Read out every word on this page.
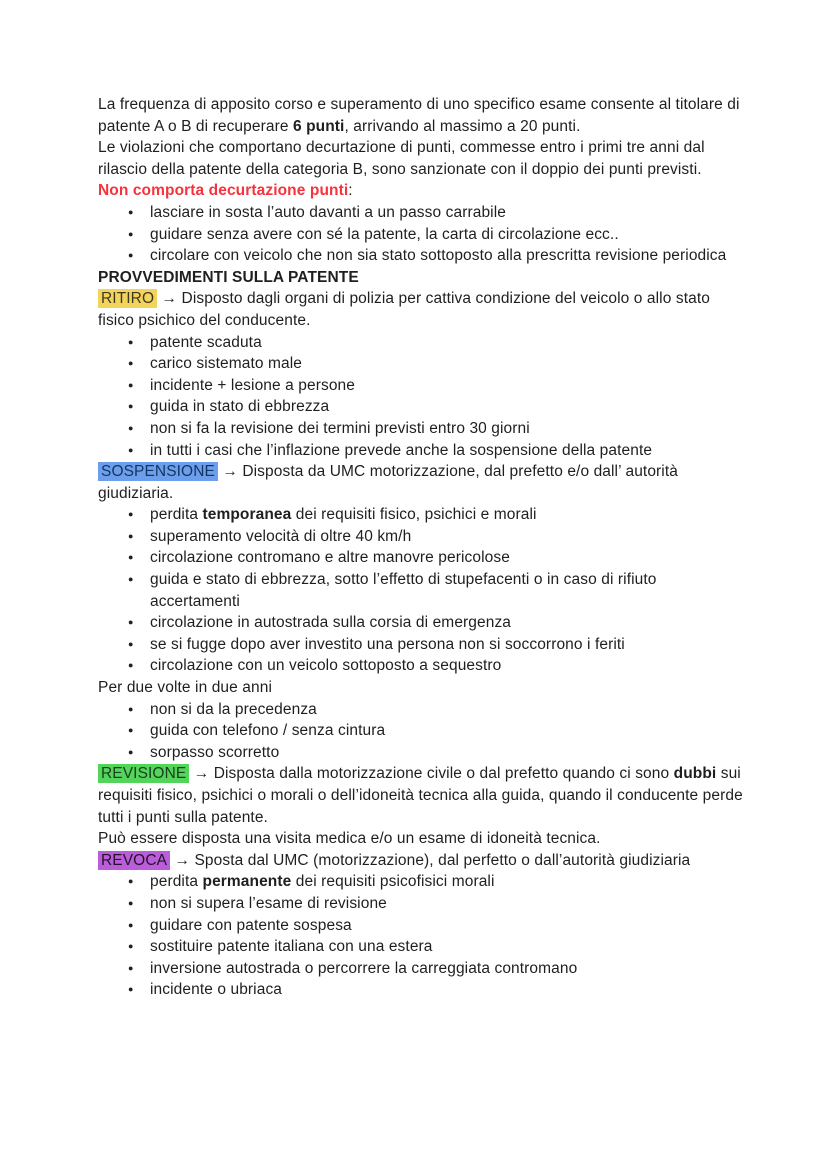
La frequenza di apposito corso e superamento di uno specifico esame consente al titolare di patente A o B di recuperare 6 punti, arrivando al massimo a 20 punti.

Le violazioni che comportano decurtazione di punti, commesse entro i primi tre anni dal rilascio della patente della categoria B, sono sanzionate con il doppio dei punti previsti.

Non comporta decurtazione punti:

● lasciare in sosta l’auto davanti a un passo carrabile
● guidare senza avere con sé la patente, la carta di circolazione ecc..
● circolare con veicolo che non sia stato sottoposto alla prescritta revisione periodica

PROVVEDIMENTI SULLA PATENTE

RITIRO → Disposto dagli organi di polizia per cattiva condizione del veicolo o allo stato fisico psichico del conducente.

● patente scaduta
● carico sistemato male
● incidente + lesione a persone
● guida in stato di ebbrezza
● non si fa la revisione dei termini previsti entro 30 giorni
● in tutti i casi che l’inflazione prevede anche la sospensione della patente

SOSPENSIONE → Disposta da UMC motorizzazione, dal prefetto e/o dall’ autorità giudiziaria.

● perdita temporanea dei requisiti fisico, psichici e morali
● superamento velocità di oltre 40 km/h
● circolazione contromano e altre manovre pericolose
● guida e stato di ebbrezza, sotto l’effetto di stupefacenti o in caso di rifiuto accertamenti
● circolazione in autostrada sulla corsia di emergenza
● se si fugge dopo aver investito una persona non si soccorrono i feriti
● circolazione con un veicolo sottoposto a sequestro

Per due volte in due anni

● non si da la precedenza
● guida con telefono / senza cintura
● sorpasso scorretto

REVISIONE → Disposta dalla motorizzazione civile o dal prefetto quando ci sono dubbi sui requisiti fisico, psichici o morali o dell’idoneità tecnica alla guida, quando il conducente perde tutti i punti sulla patente.

Può essere disposta una visita medica e/o un esame di idoneità tecnica.

REVOCA → Sposta dal UMC (motorizzazione), dal perfetto o dall’autorità giudiziaria

● perdita permanente dei requisiti psicofisici morali
● non si supera l’esame di revisione
● guidare con patente sospesa
● sostituire patente italiana con una estera
● inversione autostrada o percorrere la carreggiata contromano
● incidente o ubriaca
